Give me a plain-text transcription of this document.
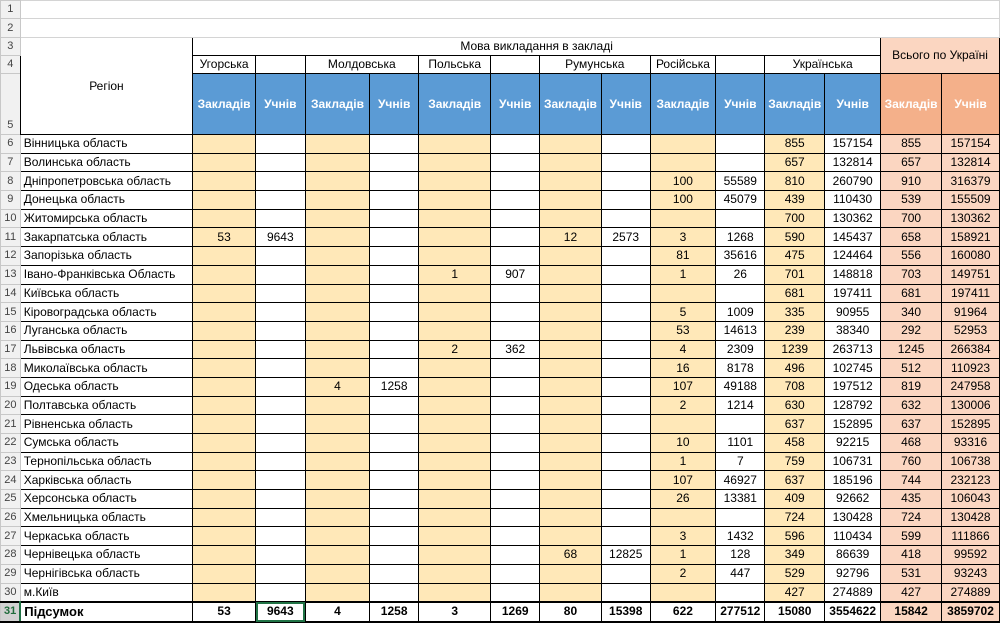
1															
2															
3	Регіон	Мова викладання в закладі												Всього по Україні	
4		Угорська		Молдовська		Польська		Румунська		Російська		Українська			
5		Закладів	Учнів	Закладів	Учнів	Закладів	Учнів	Закладів	Учнів	Закладів	Учнів	Закладів	Учнів	Закладів	Учнів
6	Вінницька область											855	157154	855	157154
7	Волинська область											657	132814	657	132814
8	Дніпропетровська область									100	55589	810	260790	910	316379
9	Донецька область									100	45079	439	110430	539	155509
10	Житомирська область											700	130362	700	130362
11	Закарпатська область	53	9643					12	2573	3	1268	590	145437	658	158921
12	Запорізька область									81	35616	475	124464	556	160080
13	Івано-Франківська Область					1	907			1	26	701	148818	703	149751
14	Київська область											681	197411	681	197411
15	Кіровоградська область									5	1009	335	90955	340	91964
16	Луганська область									53	14613	239	38340	292	52953
17	Львівська область					2	362			4	2309	1239	263713	1245	266384
18	Миколаївська область									16	8178	496	102745	512	110923
19	Одеська область			4	1258					107	49188	708	197512	819	247958
20	Полтавська область									2	1214	630	128792	632	130006
21	Рівненська область											637	152895	637	152895
22	Сумська область									10	1101	458	92215	468	93316
23	Тернопільська область									1	7	759	106731	760	106738
24	Харківська область									107	46927	637	185196	744	232123
25	Херсонська область									26	13381	409	92662	435	106043
26	Хмельницька область											724	130428	724	130428
27	Черкаська область									3	1432	596	110434	599	111866
28	Чернівецька область							68	12825	1	128	349	86639	418	99592
29	Чернігівська область									2	447	529	92796	531	93243
30	м.Київ											427	274889	427	274889
31	Підсумок	53	9643	4	1258	3	1269	80	15398	622	277512	15080	3554622	15842	3859702
